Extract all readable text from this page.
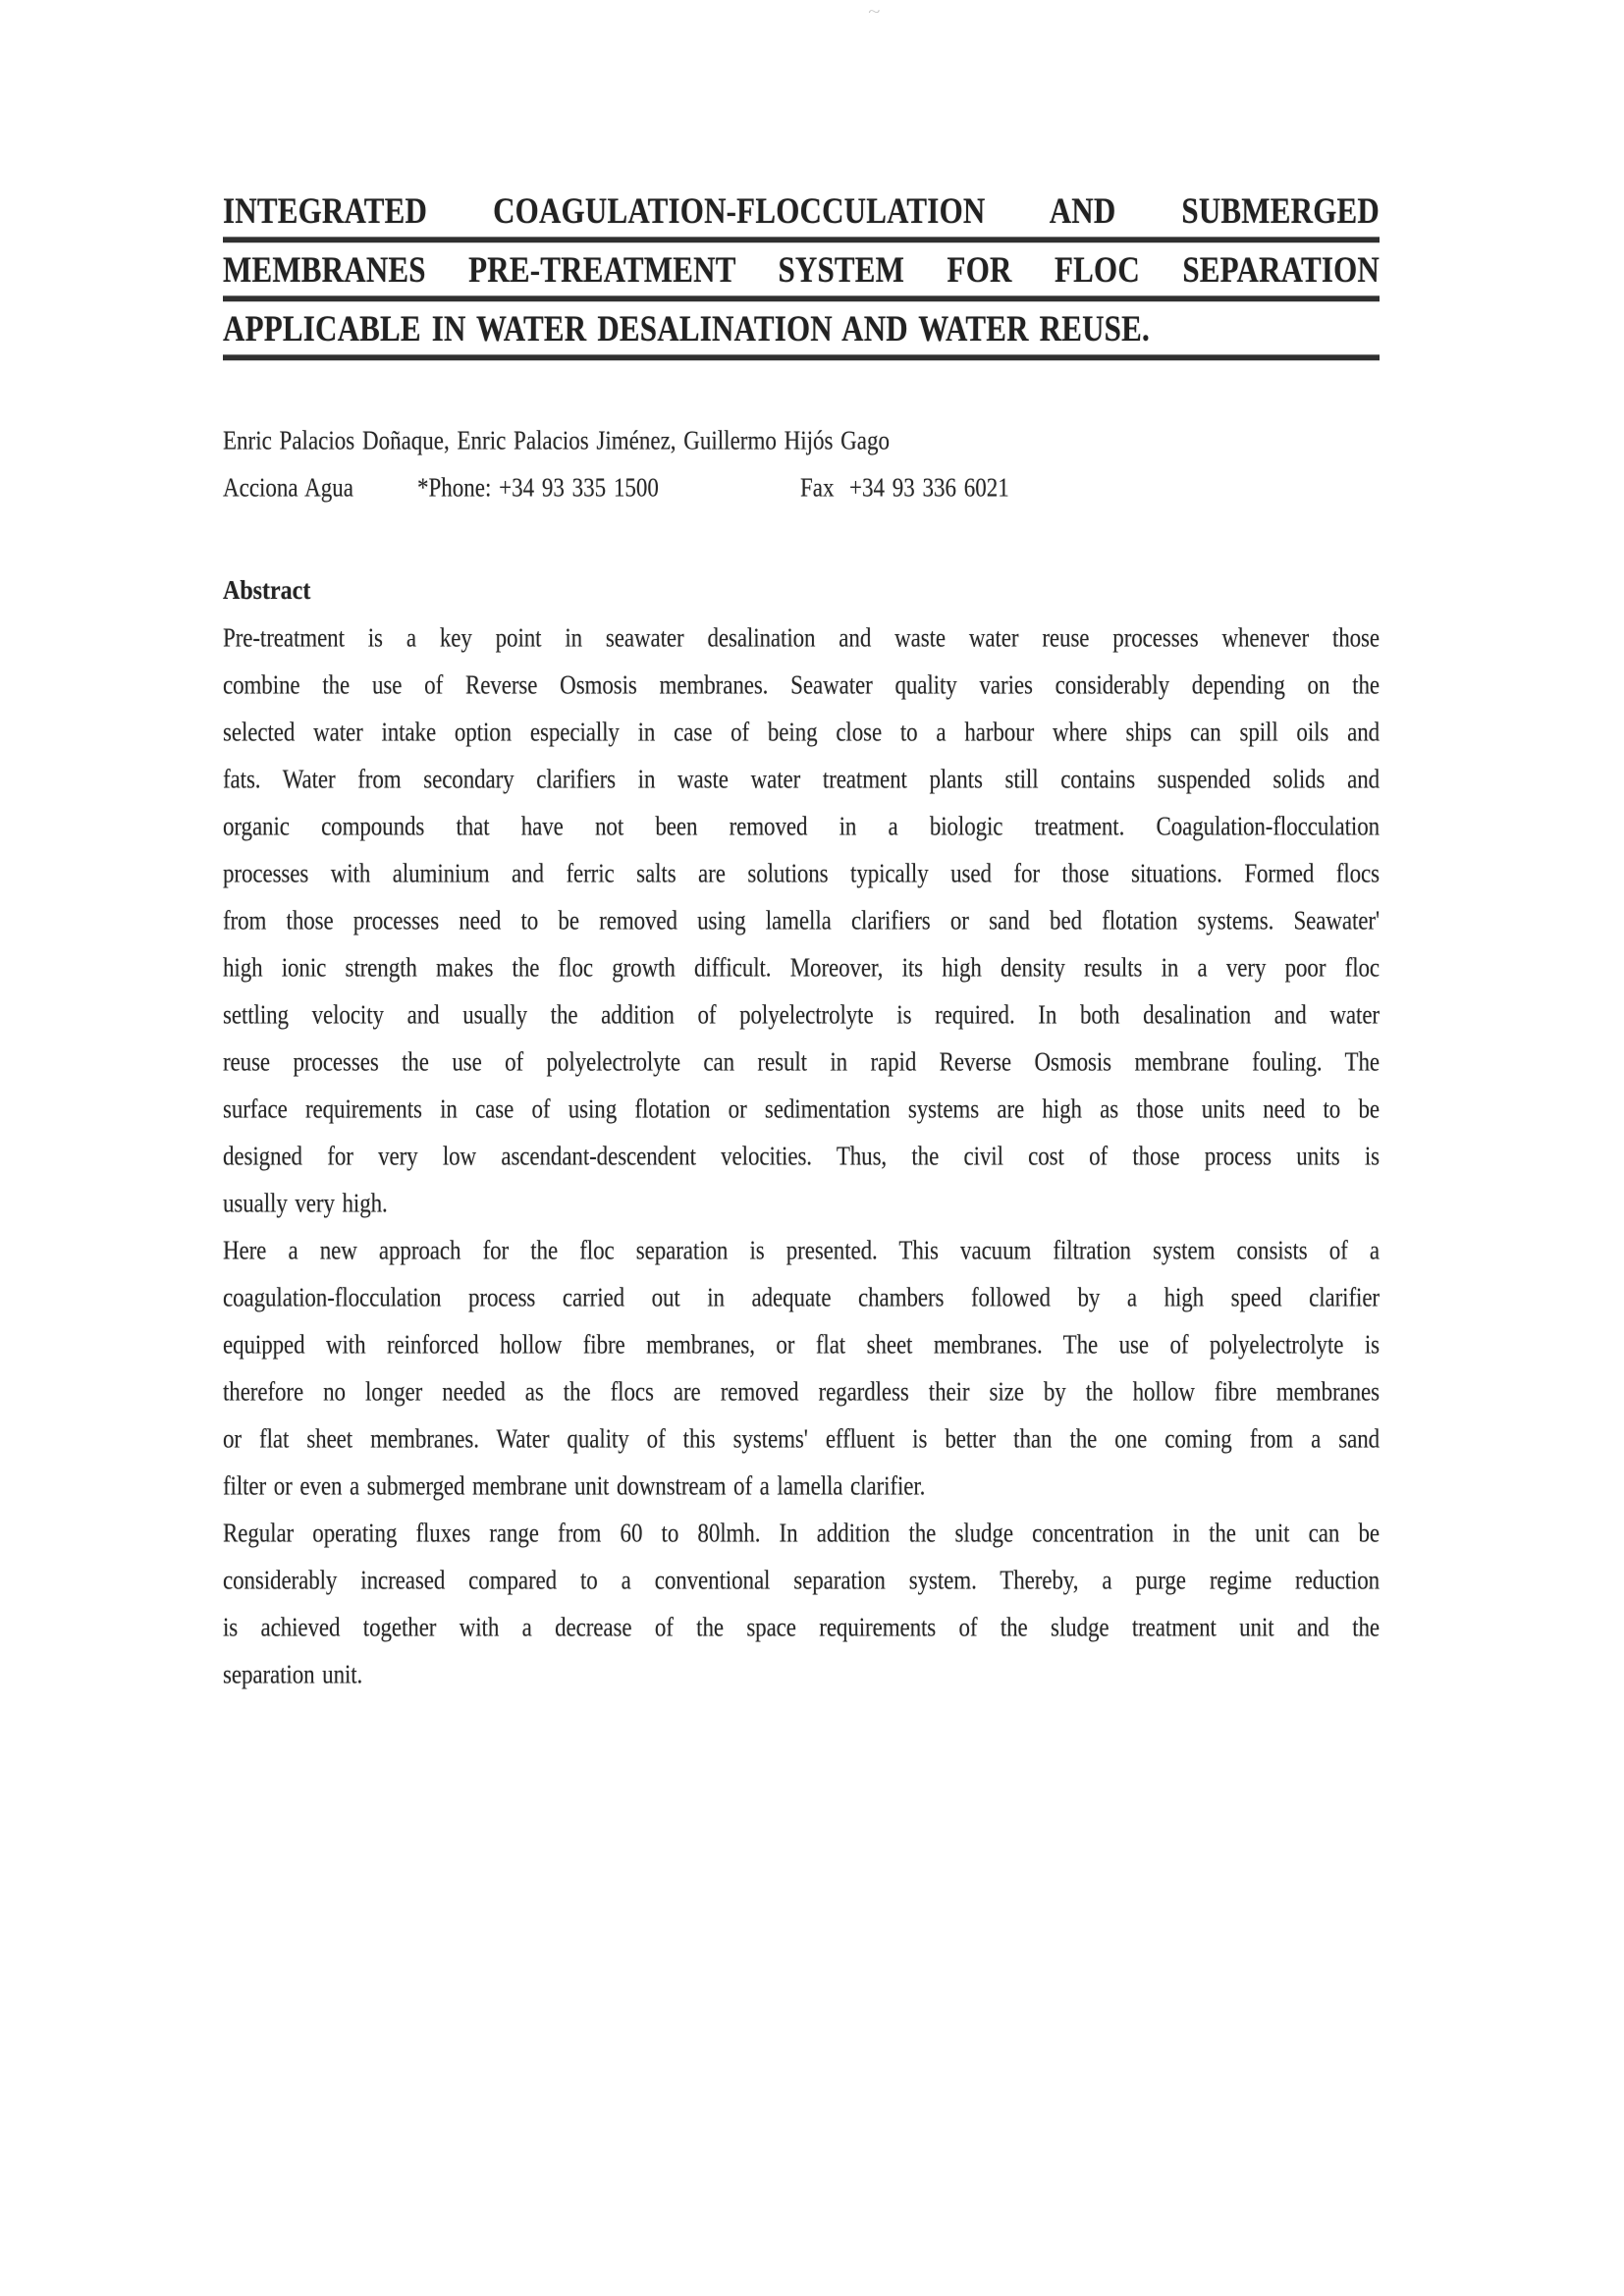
~
INTEGRATED COAGULATION-FLOCCULATION AND SUBMERGED
MEMBRANES PRE-TREATMENT SYSTEM FOR FLOC SEPARATION
APPLICABLE IN WATER DESALINATION AND WATER REUSE.
Enric Palacios Doñaque, Enric Palacios Jiménez, Guillermo Hijós Gago
Acciona Agua	*Phone: +34 93 335 1500	Fax  +34 93 336 6021
Abstract
Pre-treatment is a key point in seawater desalination and waste water reuse processes whenever those
combine the use of Reverse Osmosis membranes. Seawater quality varies considerably depending on the
selected water intake option especially in case of being close to a harbour where ships can spill oils and
fats. Water from secondary clarifiers in waste water treatment plants still contains suspended solids and
organic compounds that have not been removed in a biologic treatment. Coagulation-flocculation
processes with aluminium and ferric salts are solutions typically used for those situations. Formed flocs
from those processes need to be removed using lamella clarifiers or sand bed flotation systems. Seawater'
high ionic strength makes the floc growth difficult. Moreover, its high density results in a very poor floc
settling velocity and usually the addition of polyelectrolyte is required. In both desalination and water
reuse processes the use of polyelectrolyte can result in rapid Reverse Osmosis membrane fouling. The
surface requirements in case of using flotation or sedimentation systems are high as those units need to be
designed for very low ascendant-descendent velocities. Thus, the civil cost of those process units is
usually very high.
Here a new approach for the floc separation is presented. This vacuum filtration system consists of a
coagulation-flocculation process carried out in adequate chambers followed by a high speed clarifier
equipped with reinforced hollow fibre membranes, or flat sheet membranes. The use of polyelectrolyte is
therefore no longer needed as the flocs are removed regardless their size by the hollow fibre membranes
or flat sheet membranes. Water quality of this systems' effluent is better than the one coming from a sand
filter or even a submerged membrane unit downstream of a lamella clarifier.
Regular operating fluxes range from 60 to 80lmh. In addition the sludge concentration in the unit can be
considerably increased compared to a conventional separation system. Thereby, a purge regime reduction
is achieved together with a decrease of the space requirements of the sludge treatment unit and the
separation unit.
